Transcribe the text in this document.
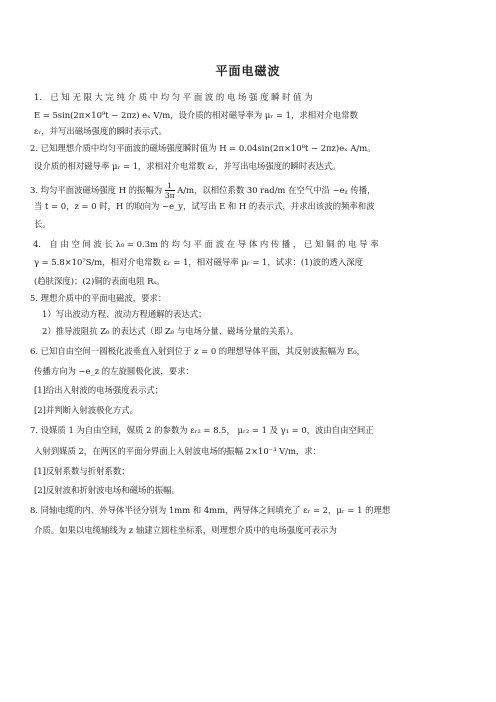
平面电磁波
1． 已 知 无 限 大 完 纯 介 质 中 均 匀 平 面 波 的 电 场 强 度 瞬 时 值 为
E = 5sin(2π×10⁹t − 2πz) eₓ V/m，设介质的相对磁导率为 μᵣ = 1，求相对介电常数
εᵣ，并写出磁场强度的瞬时表示式。
2. 已知理想介质中均匀平面波的磁场强度瞬时值为 H = 0.04sin(2π×10⁸t − 2πz)eₓ A/m。
设介质的相对磁导率 μᵣ = 1，求相对介电常数 εᵣ，并写出电场强度的瞬时表达式。
3. 均匀平面波磁场强度 H 的振幅为 $\frac{1}{3\pi} A/m$，以相位系数 30 rad/m 在空气中沿 −eᵪ 传播，
当 t = 0，z = 0 时，H 的取向为 −e_y，试写出 E 和 H 的表示式，并求出该波的频率和波
长。
4． 自 由 空 间 波 长 λ₀ = 0.3m 的 均 匀 平 面 波 在 导 体 内 传 播 ， 已 知 铜 的 电 导 率
γ = 5.8×10⁷S/m，相对介电常数 εᵣ = 1，相对磁导率 μᵣ = 1，试求：(1)波的透入深度
(趋肤深度)；(2)铜的表面电阻 Rₛ。
5. 理想介质中的平面电磁波，要求：
1）写出波动方程、波动方程通解的表达式；
2）推导波阻抗 Z₀ 的表达式（即 Z₀ 与电场分量、磁场分量的关系）。
6. 已知自由空间一圆极化波垂直入射到位于 z = 0 的理想导体平面，其反射波振幅为 E₀，
传播方向为 −e_z 的左旋圆极化波，要求：
[1]给出入射波的电场强度表示式；
[2]并判断入射波极化方式。
7. 设媒质 1 为自由空间，媒质 2 的参数为 εᵣ₂ = 8.5， μᵣ₂ = 1 及 γ₁ = 0，波由自由空间正
入射到媒质 2，在两区的平面分界面上入射波电场的振幅 2×10⁻³ V/m，求：
[1]反射系数与折射系数；
[2]反射波和折射波电场和磁场的振幅。
8. 同轴电缆的内、外导体半径分别为 1mm 和 4mm，两导体之间填充了 εᵣ = 2，μᵣ = 1 的理想
介质。如果以电缆轴线为 z 轴建立圆柱坐标系，则理想介质中的电场强度可表示为
